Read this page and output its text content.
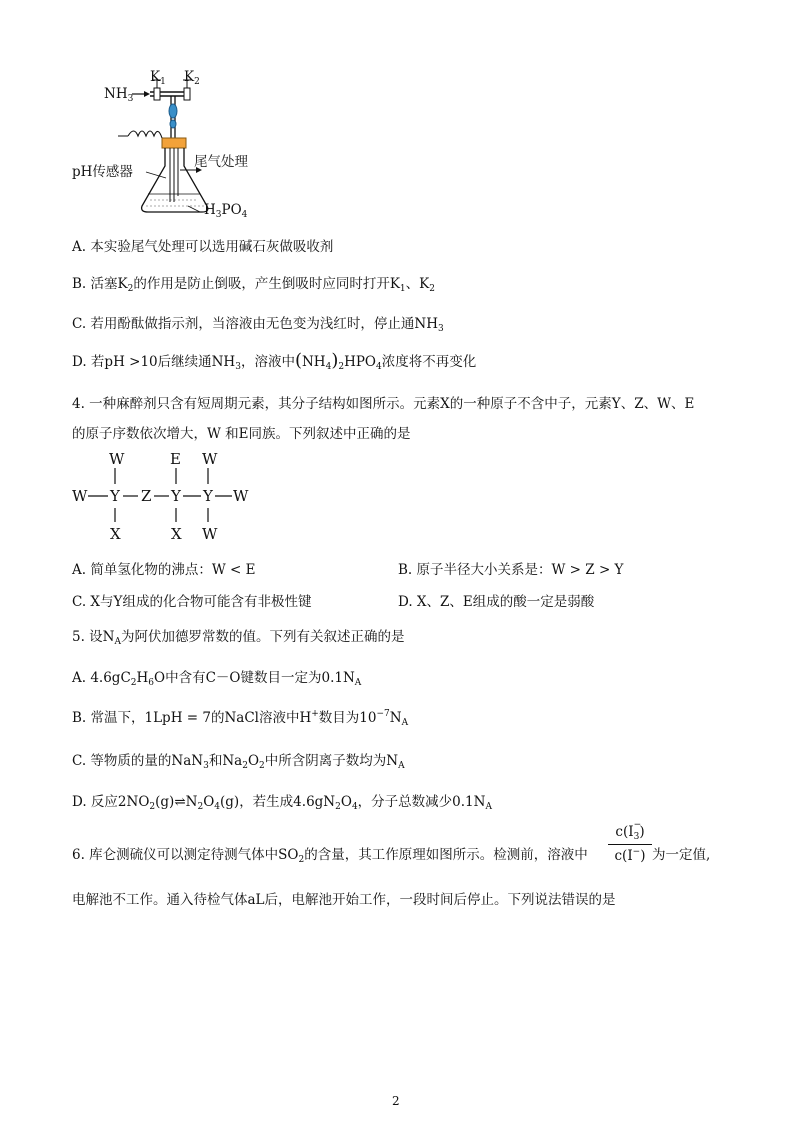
$NH_3$
$K_1$ $K_2$
pH传感器
尾气处理
$H_3PO_4$
A. 本实验尾气处理可以选用碱石灰做吸收剂
B. 活塞$K_2$的作用是防止倒吸，产生倒吸时应同时打开$K_1$、$K_2$
C. 若用酚酞做指示剂，当溶液由无色变为浅红时，停止通$NH_3$
D. 若pH >10后继续通$NH_3$，溶液中$(NH_4)_2HPO_4$浓度将不再变化
4. 一种麻醉剂只含有短周期元素，其分子结构如图所示。元素X的一种原子不含中子，元素Y、Z、W、E
的原子序数依次增大，W 和E同族。下列叙述中正确的是
W	E W
W Y Z Y Y W
X	X W
A. 简单氢化物的沸点：W < E	B. 原子半径大小关系是：W > Z > Y
C. X与Y组成的化合物可能含有非极性键	D. X、Z、E组成的酸一定是弱酸
5. 设$N_A$为阿伏加德罗常数的值。下列有关叙述正确的是
A. $4.6gC_2H_6O$中含有C－O键数目一定为$0.1N_A$
B. 常温下，1LpH = 7的NaCl溶液中H+数目为$10^{-7}N_A$
C. 等物质的量的NaN$_3$和$Na_2O_2$中所含阴离子数均为$N_A$
D. 反应$2NO_2(g)\rightleftharpoons N_2O_4(g)$，若生成$4.6gN_2O_4$，分子总数减少$0.1N_A$
6. 库仑测硫仪可以测定待测气体中$SO_2$的含量，其工作原理如图所示。检测前，溶液中
c(I −
$_3$)
c(I−) 为一定值,
电解池不工作。通入待检气体aL后，电解池开始工作，一段时间后停止。下列说法错误的是
2
